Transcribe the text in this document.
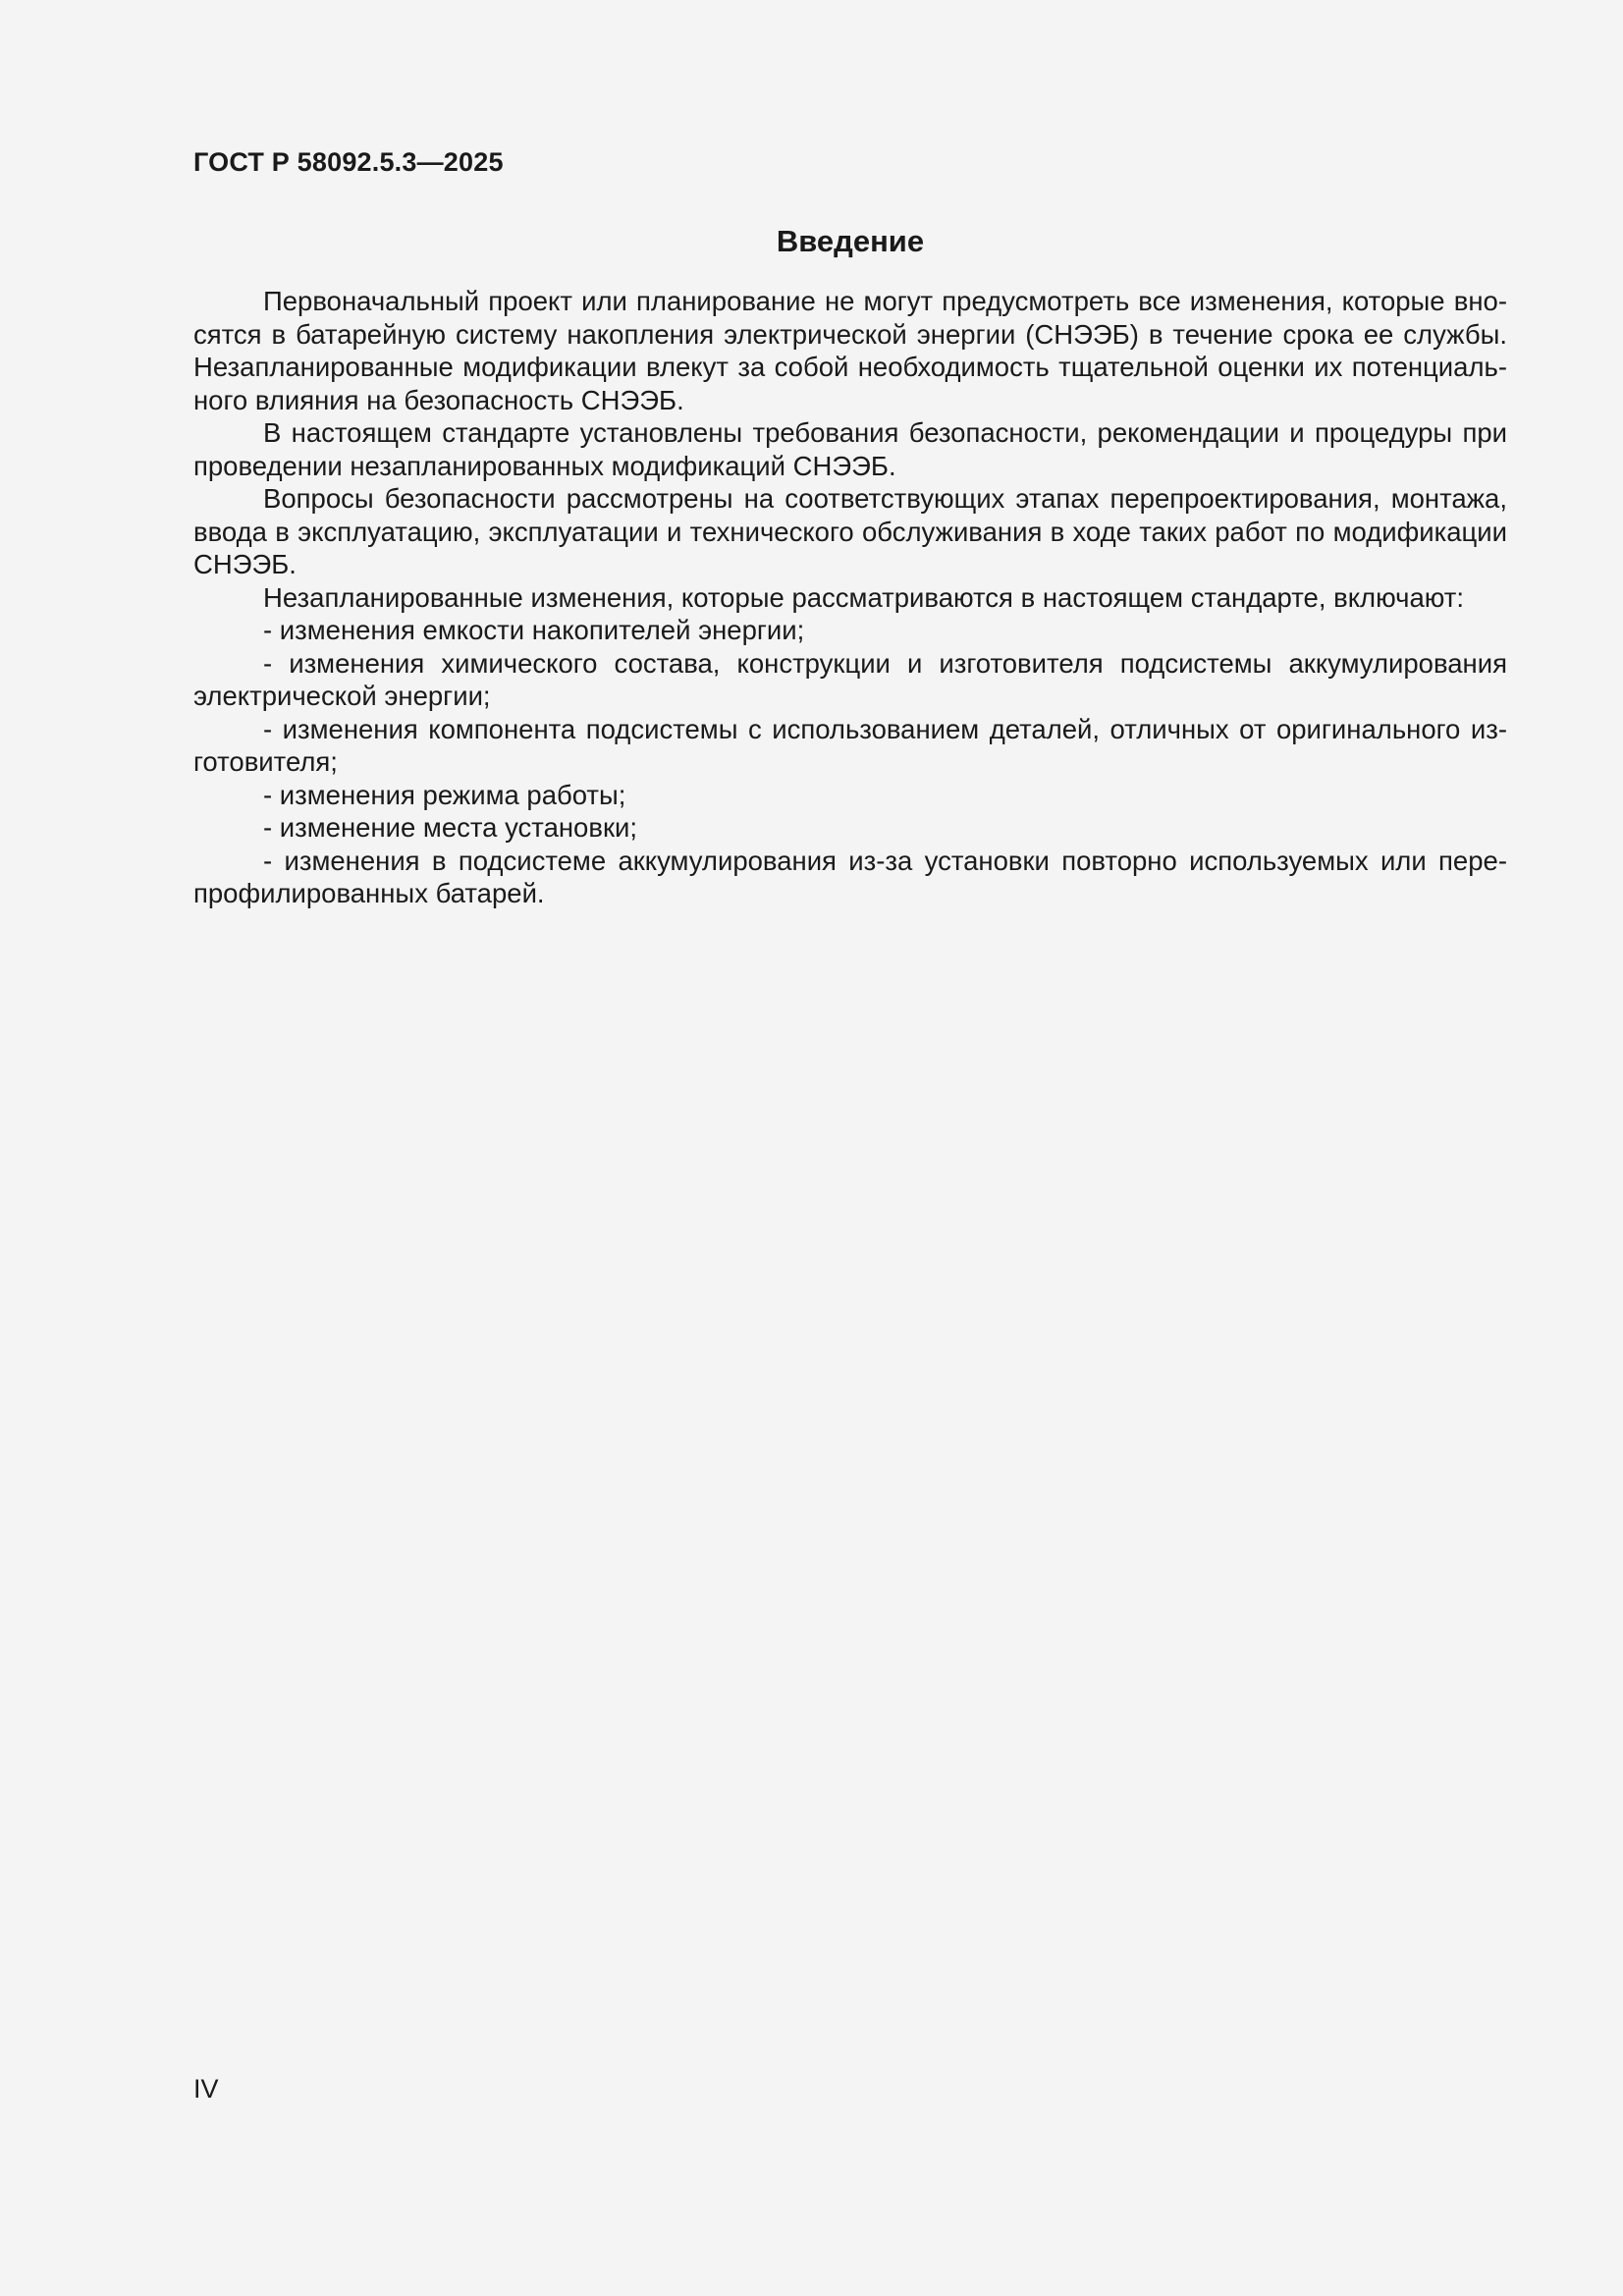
ГОСТ Р 58092.5.3—2025
Введение

Первоначальный проект или планирование не могут предусмотреть все изменения, которые вносятся в батарейную систему накопления электрической энергии (СНЭЭБ) в течение срока ее службы. Незапланированные модификации влекут за собой необходимость тщательной оценки их потенциального влияния на безопасность СНЭЭБ.

В настоящем стандарте установлены требования безопасности, рекомендации и процедуры при проведении незапланированных модификаций СНЭЭБ.

Вопросы безопасности рассмотрены на соответствующих этапах перепроектирования, монтажа, ввода в эксплуатацию, эксплуатации и технического обслуживания в ходе таких работ по модификации СНЭЭБ.

Незапланированные изменения, которые рассматриваются в настоящем стандарте, включают:

- изменения емкости накопителей энергии;

- изменения химического состава, конструкции и изготовителя подсистемы аккумулирования электрической энергии;

- изменения компонента подсистемы с использованием деталей, отличных от оригинального изготовителя;

- изменения режима работы;

- изменение места установки;

- изменения в подсистеме аккумулирования из-за установки повторно используемых или перепрофилированных батарей.

IV
